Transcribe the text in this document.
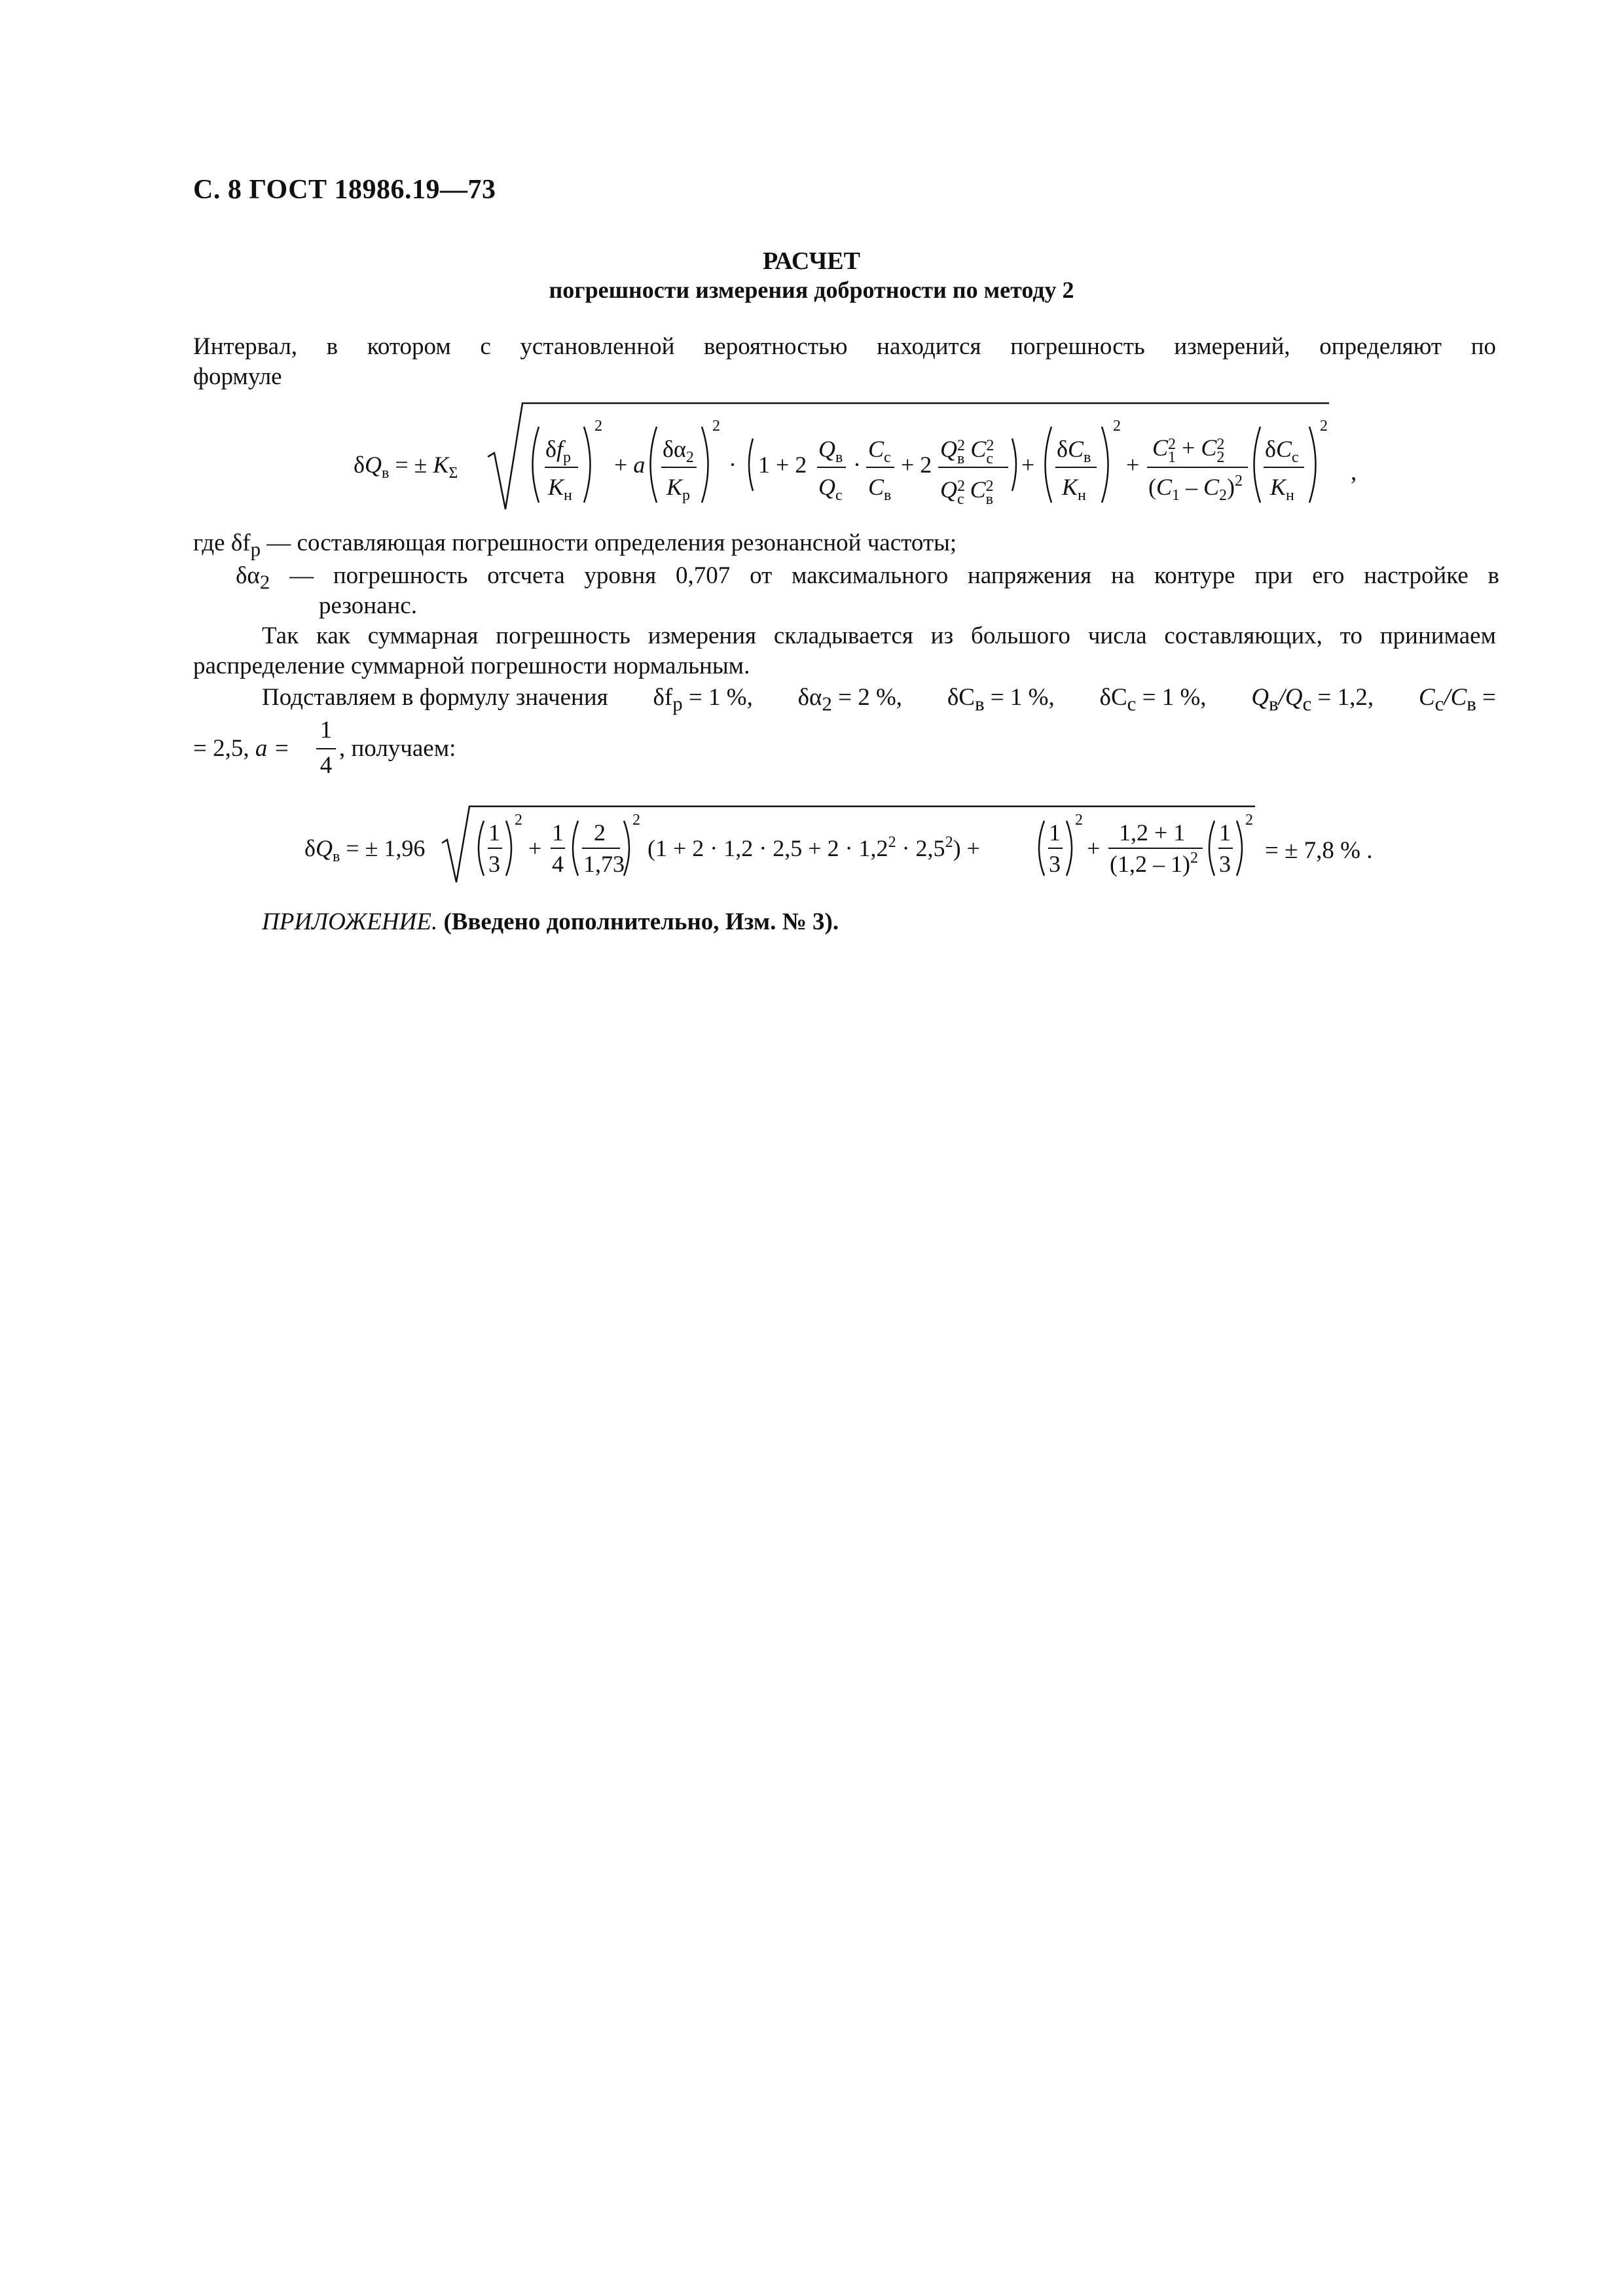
С. 8 ГОСТ 18986.19—73
РАСЧЕТ
погрешности измерения добротности по методу 2
Интервал, в котором с установленной вероятностью находится погрешность измерений, определяют по
формуле
$\delta Q_в$ = ± $K_\Sigma$
$\delta f_р$
$K_н$
2
+ a
$\delta\alpha_2$
$K_р$
2
· 1 + 2
$Q_в$
$Q_с$
·
$C_с$
$C_в$
+ 2
$Q^2$ в $C^2$ с
$Q^2$ с $C^2$ в
+
$\delta C_в$
$K_н$
2
+
$C^2$ $1 + C^2$ 2
$(C_1 - C_2)^2$
$\delta C_с$
$K_н$
2
,
где $\delta f_р$ — составляющая погрешности определения резонансной частоты;
$\delta\alpha_2$ — погрешность отсчета уровня 0,707 от максимального напряжения на контуре при его настройке в
резонанс.
Так как суммарная погрешность измерения складывается из большого числа составляющих, то принимаем
распределение суммарной погрешности нормальным.
Подставляем в формулу значения $\delta f_р = 1$ %, $\delta\alpha_2 = 2$ %, $\delta C_в = 1$ %, $\delta C_с = 1$ %, $Q_в/Q_с = 1,2$, $C_с/C_в$ =
= 2,5, a =
1
4
, получаем:
$\delta Q_в$ = ± 1,96
1
3
2
+
1
4
2
1,73
2
$(1 + 2 \cdot 1,2 \cdot 2,5 + 2 \cdot 1,2^2 \cdot 2,5^2)$ +
1
3
2
+
1,2 + 1
(1,2 – 1)$^2$
1
3
2
= ± 7,8 % .
ПРИЛОЖЕНИЕ. (Введено дополнительно, Изм. № 3).
